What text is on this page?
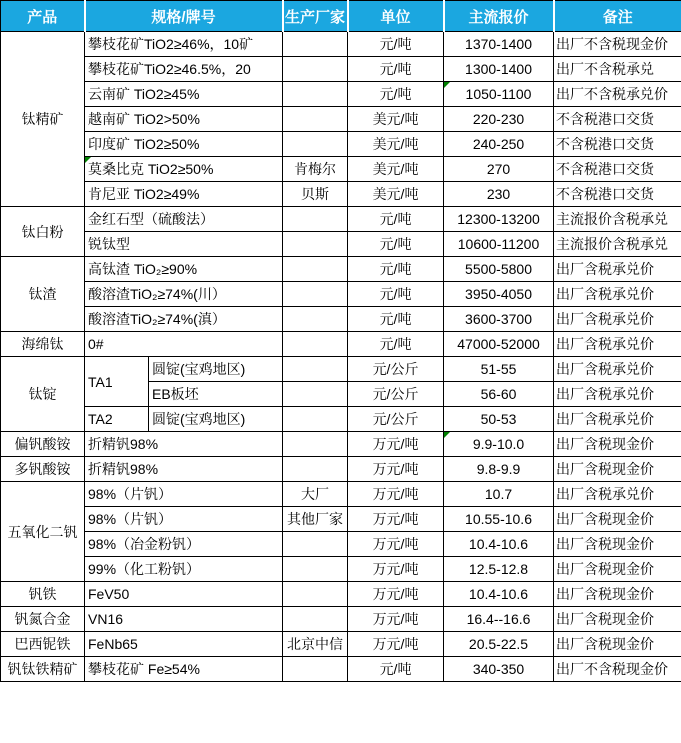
产品	规格/牌号		生产厂家	单位	主流报价	备注
钛精矿	攀枝花矿TiO2≥46%，10矿			元/吨	1370-1400	出厂不含税现金价
	攀枝花矿TiO2≥46.5%，20			元/吨	1300-1400	出厂不含税承兑
	云南矿 TiO2≥45%			元/吨	1050-1100	出厂不含税承兑价
	越南矿 TiO2>50%			美元/吨	220-230	不含税港口交货
	印度矿 TiO2≥50%			美元/吨	240-250	不含税港口交货
	莫桑比克 TiO2≥50%		肯梅尔	美元/吨	270	不含税港口交货
	肯尼亚 TiO2≥49%		贝斯	美元/吨	230	不含税港口交货
钛白粉	金红石型（硫酸法）			元/吨	12300-13200	主流报价含税承兑
	锐钛型			元/吨	10600-11200	主流报价含税承兑
钛渣	高钛渣 TiO₂≥90%			元/吨	5500-5800	出厂含税承兑价
	酸溶渣TiO₂≥74%(川）			元/吨	3950-4050	出厂含税承兑价
	酸溶渣TiO₂≥74%(滇）			元/吨	3600-3700	出厂含税承兑价
海绵钛	0#			元/吨	47000-52000	出厂含税承兑价
钛锭	TA1	圆锭(宝鸡地区)		元/公斤	51-55	出厂含税承兑价
		EB板坯		元/公斤	56-60	出厂含税承兑价
	TA2	圆锭(宝鸡地区)		元/公斤	50-53	出厂含税承兑价
偏钒酸铵	折精钒98%			万元/吨	9.9-10.0	出厂含税现金价
多钒酸铵	折精钒98%			万元/吨	9.8-9.9	出厂含税现金价
五氧化二钒	98%（片钒）		大厂	万元/吨	10.7	出厂含税承兑价
	98%（片钒）		其他厂家	万元/吨	10.55-10.6	出厂含税现金价
	98%（冶金粉钒）			万元/吨	10.4-10.6	出厂含税现金价
	99%（化工粉钒）			万元/吨	12.5-12.8	出厂含税现金价
钒铁	FeV50			万元/吨	10.4-10.6	出厂含税现金价
钒氮合金	VN16			万元/吨	16.4--16.6	出厂含税现金价
巴西铌铁	FeNb65		北京中信	万元/吨	20.5-22.5	出厂含税现金价
钒钛铁精矿	攀枝花矿 Fe≥54%			元/吨	340-350	出厂不含税现金价
